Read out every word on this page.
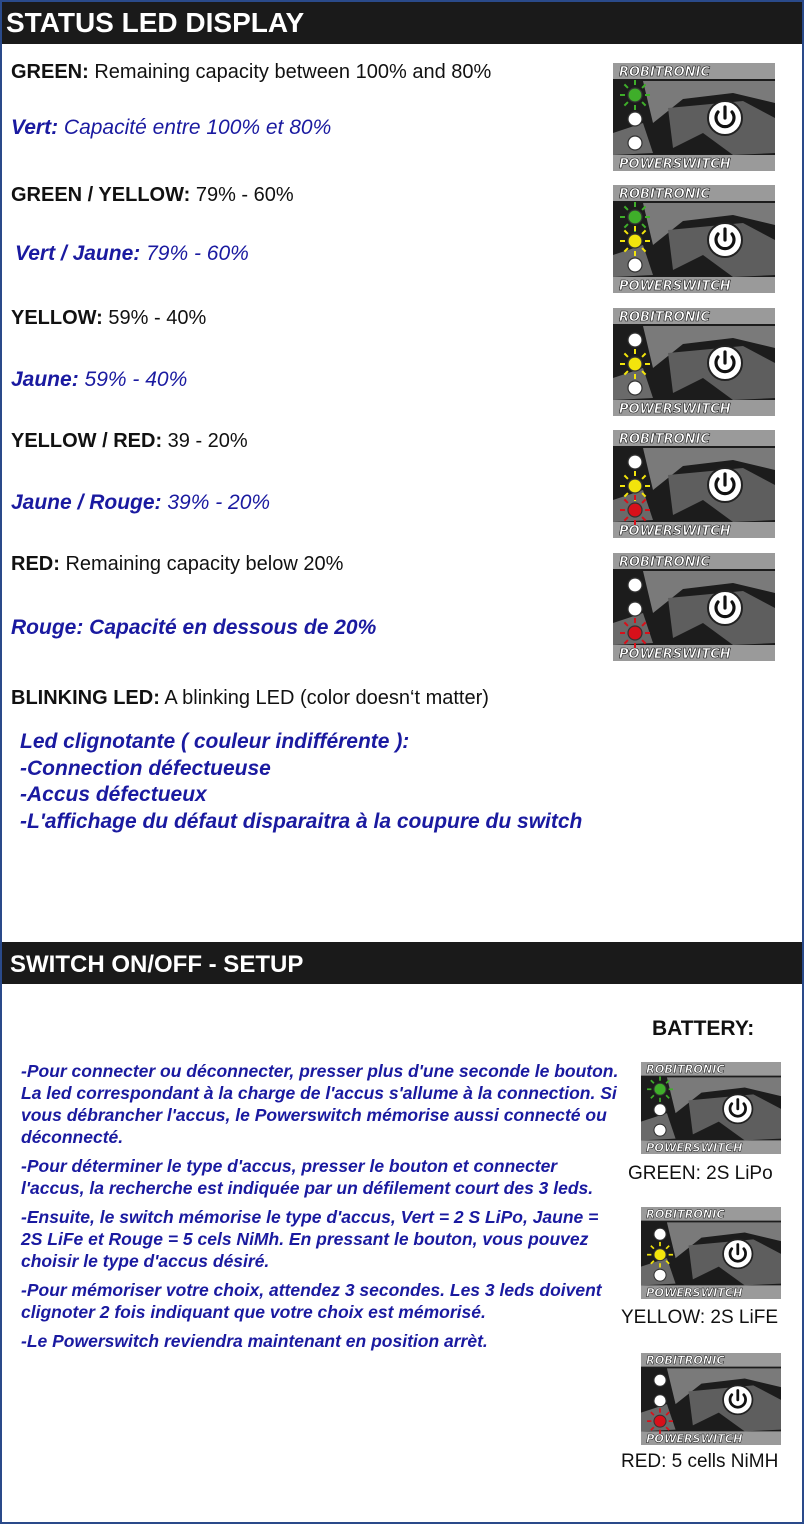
STATUS LED DISPLAY
GREEN: Remaining capacity between 100% and 80%
Vert: Capacité entre 100% et 80%
GREEN / YELLOW: 79% - 60%
Vert / Jaune: 79% - 60%
YELLOW: 59% - 40%
Jaune: 59% - 40%
YELLOW / RED: 39 - 20%
Jaune / Rouge: 39% - 20%
RED: Remaining capacity below 20%
Rouge: Capacité en dessous de 20%
BLINKING LED: A blinking LED (color doesn‘t matter)
Led clignotante ( couleur indifférente ):
-Connection défectueuse
-Accus défectueux
-L'affichage du défaut disparaitra à la coupure du switch
ROBITRONIC
POWERSWITCH
ROBITRONIC
POWERSWITCH
ROBITRONIC
POWERSWITCH
ROBITRONIC
POWERSWITCH
ROBITRONIC
POWERSWITCH
SWITCH ON/OFF - SETUP

-Pour connecter ou déconnecter, presser plus d'une seconde le bouton. La led correspondant à la charge de l'accus s'allume à la connection. Si vous débrancher l'accus, le Powerswitch mémorise aussi connecté ou déconnecté.

-Pour déterminer le type d'accus, presser le bouton et connecter l'accus, la recherche est indiquée par un défilement court des 3 leds.

-Ensuite, le switch mémorise le type d'accus, Vert = 2 S LiPo, Jaune = 2S LiFe et Rouge = 5 cels NiMh. En pressant le bouton, vous pouvez choisir le type d'accus désiré.

-Pour mémoriser votre choix, attendez 3 secondes. Les 3 leds doivent clignoter 2 fois indiquant que votre choix est mémorisé.

-Le Powerswitch reviendra maintenant en position arrèt.

BATTERY:
ROBITRONIC
POWERSWITCH
GREEN: 2S LiPo
ROBITRONIC
POWERSWITCH
YELLOW: 2S LiFE
ROBITRONIC
POWERSWITCH
RED: 5 cells NiMH
